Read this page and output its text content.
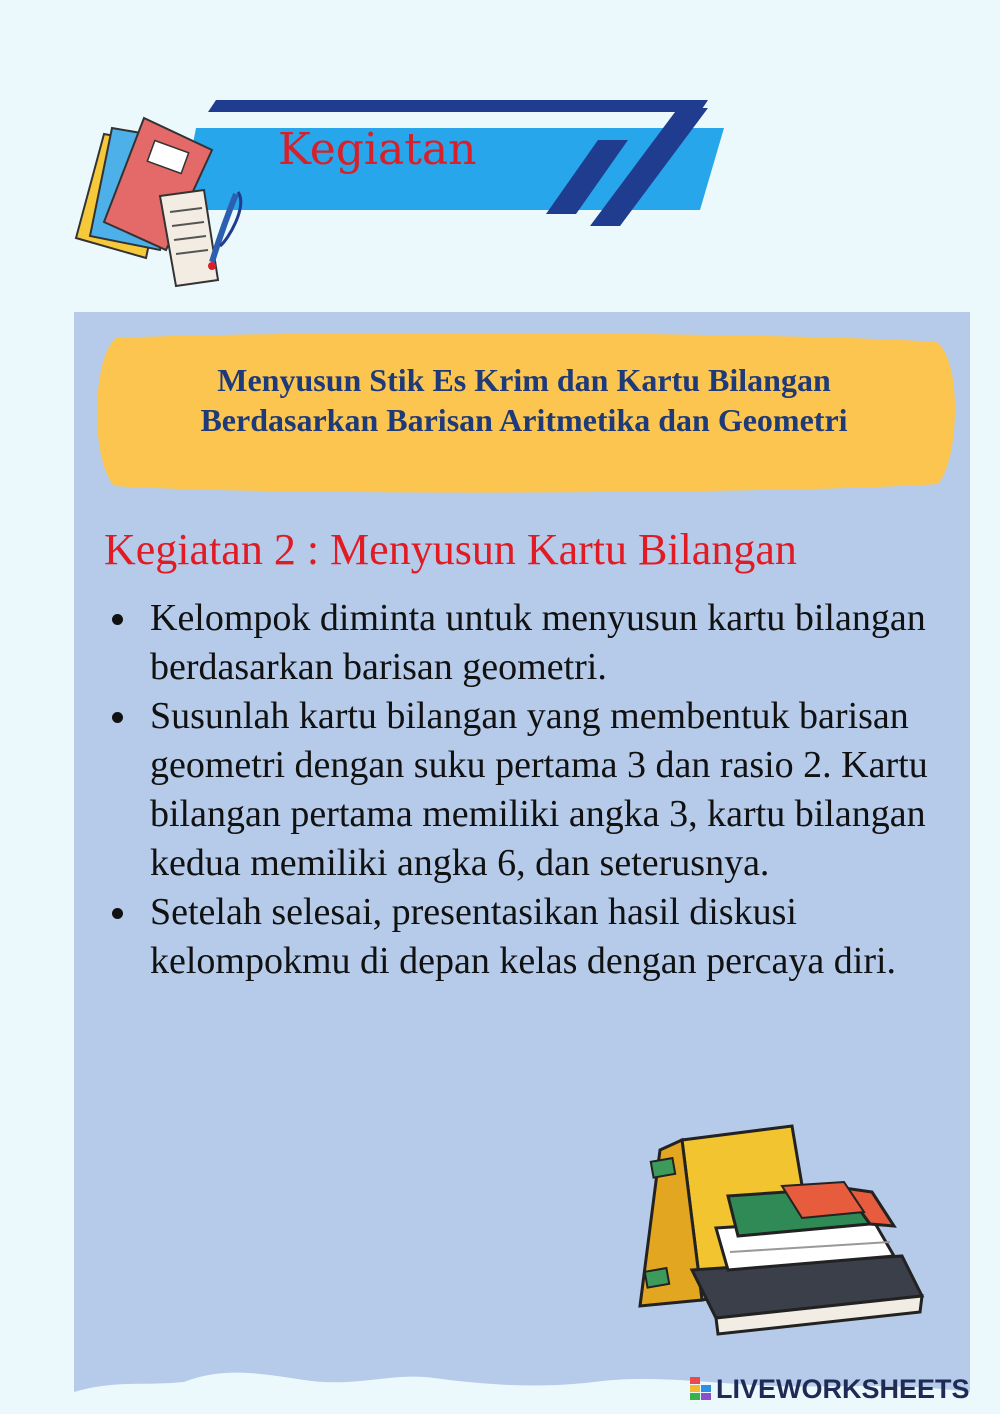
Kegiatan
Menyusun Stik Es Krim dan Kartu Bilangan
Berdasarkan Barisan Aritmetika dan Geometri
Kegiatan 2 : Menyusun Kartu Bilangan
Kelompok diminta untuk menyusun kartu bilangan berdasarkan barisan geometri.
Susunlah kartu bilangan yang membentuk barisan geometri dengan suku pertama 3 dan rasio 2. Kartu bilangan pertama memiliki angka 3, kartu bilangan kedua memiliki angka 6, dan seterusnya.
Setelah selesai, presentasikan hasil diskusi kelompokmu di depan kelas dengan percaya diri.
LIVEWORKSHEETS
